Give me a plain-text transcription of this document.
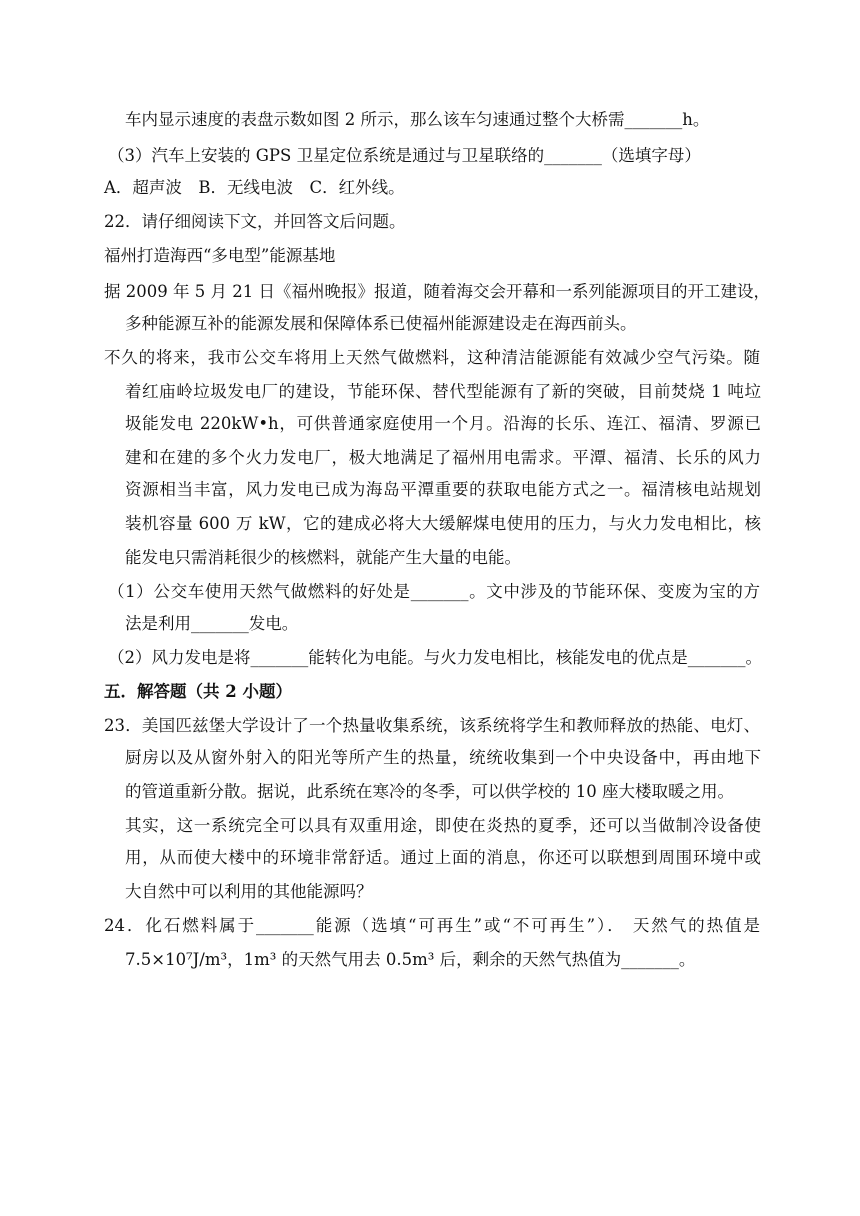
车内显示速度的表盘示数如图 2 所示，那么该车匀速通过整个大桥需_______h。
（3）汽车上安装的 GPS 卫星定位系统是通过与卫星联络的_______（选填字母）
A．超声波　B．无线电波　C．红外线。
22．请仔细阅读下文，并回答文后问题。
福州打造海西“多电型”能源基地
据 2009 年 5 月 21 日《福州晚报》报道，随着海交会开幕和一系列能源项目的开工建设，
多种能源互补的能源发展和保障体系已使福州能源建设走在海西前头。
不久的将来，我市公交车将用上天然气做燃料，这种清洁能源能有效减少空气污染。随
着红庙岭垃圾发电厂的建设，节能环保、替代型能源有了新的突破，目前焚烧 1 吨垃
圾能发电 220kW•h，可供普通家庭使用一个月。沿海的长乐、连江、福清、罗源已
建和在建的多个火力发电厂，极大地满足了福州用电需求。平潭、福清、长乐的风力
资源相当丰富，风力发电已成为海岛平潭重要的获取电能方式之一。福清核电站规划
装机容量 600 万 kW，它的建成必将大大缓解煤电使用的压力，与火力发电相比，核
能发电只需消耗很少的核燃料，就能产生大量的电能。
（1）公交车使用天然气做燃料的好处是_______。文中涉及的节能环保、变废为宝的方
法是利用_______发电。
（2）风力发电是将_______能转化为电能。与火力发电相比，核能发电的优点是_______。
五．解答题（共 2 小题）
23．美国匹兹堡大学设计了一个热量收集系统，该系统将学生和教师释放的热能、电灯、
厨房以及从窗外射入的阳光等所产生的热量，统统收集到一个中央设备中，再由地下
的管道重新分散。据说，此系统在寒冷的冬季，可以供学校的 10 座大楼取暖之用。
其实，这一系统完全可以具有双重用途，即使在炎热的夏季，还可以当做制冷设备使
用，从而使大楼中的环境非常舒适。通过上面的消息，你还可以联想到周围环境中或
大自然中可以利用的其他能源吗？
24．化石燃料属于_______能源（选填“可再生”或“不可再生”）． 天然气的热值是
7.5×10⁷J/m³，1m³ 的天然气用去 0.5m³ 后，剩余的天然气热值为_______。
